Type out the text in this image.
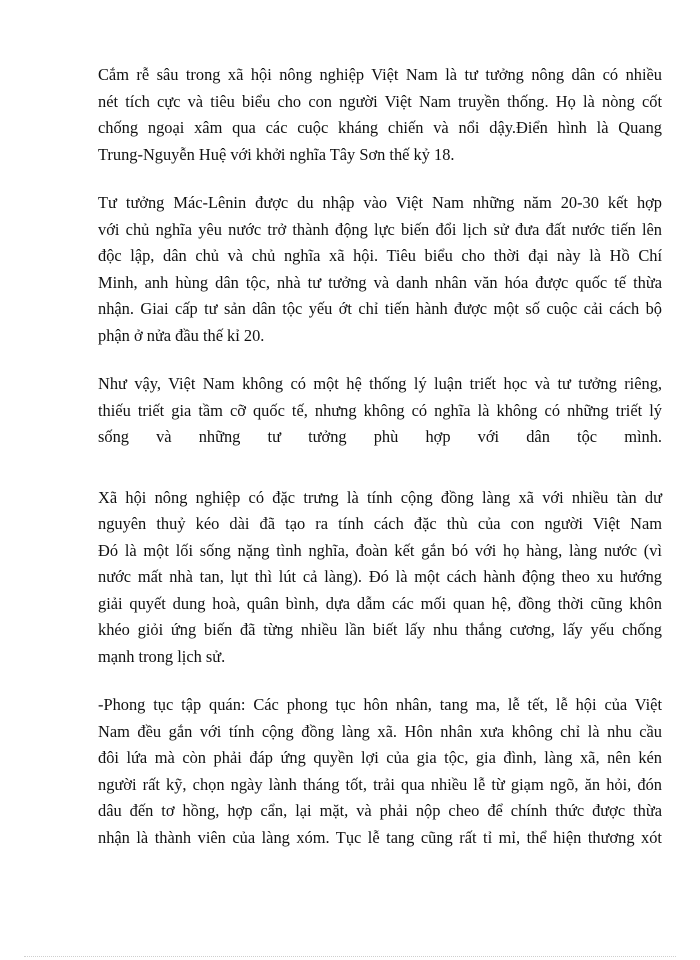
Cắm rễ sâu trong xã hội nông nghiệp Việt Nam là tư tưởng nông dân có nhiều
nét tích cực và tiêu biểu cho con người Việt Nam truyền thống. Họ là nòng cốt
chống ngoại xâm qua các cuộc kháng chiến và nổi dậy.Điển hình là Quang
Trung-Nguyễn Huệ với khởi nghĩa Tây Sơn thế kỷ 18.
Tư tưởng Mác-Lênin được du nhập vào Việt Nam những năm 20-30 kết hợp
với chủ nghĩa yêu nước trở thành động lực biến đổi lịch sử đưa đất nước tiến lên
độc lập, dân chủ và chủ nghĩa xã hội. Tiêu biểu cho thời đại này là Hồ Chí
Minh, anh hùng dân tộc, nhà tư tưởng và danh nhân văn hóa được quốc tế thừa
nhận. Giai cấp tư sản dân tộc yếu ớt chỉ tiến hành được một số cuộc cải cách bộ
phận ở nửa đầu thế kỉ 20.
Như vậy, Việt Nam không có một hệ thống lý luận triết học và tư tưởng riêng,
thiếu triết gia tầm cỡ quốc tế, nhưng không có nghĩa là không có những triết lý
sống và những tư tưởng phù hợp với dân tộc mình.
Xã hội nông nghiệp có đặc trưng là tính cộng đồng làng xã với nhiều tàn dư
nguyên thuỷ kéo dài đã tạo ra tính cách đặc thù của con người Việt Nam
Đó là một lối sống nặng tình nghĩa, đoàn kết gắn bó với họ hàng, làng nước (vì
nước mất nhà tan, lụt thì lút cả làng). Đó là một cách hành động theo xu hướng
giải quyết dung hoà, quân bình, dựa dẫm các mối quan hệ, đồng thời cũng khôn
khéo giỏi ứng biến đã từng nhiều lần biết lấy nhu thắng cương, lấy yếu chống
mạnh trong lịch sử.
-Phong tục tập quán: Các phong tục hôn nhân, tang ma, lễ tết, lễ hội của Việt
Nam đều gắn với tính cộng đồng làng xã. Hôn nhân xưa không chỉ là nhu cầu
đôi lứa mà còn phải đáp ứng quyền lợi của gia tộc, gia đình, làng xã, nên kén
người rất kỹ, chọn ngày lành tháng tốt, trải qua nhiều lễ từ giạm ngõ, ăn hỏi, đón
dâu đến tơ hồng, hợp cẩn, lại mặt, và phải nộp cheo để chính thức được thừa
nhận là thành viên của làng xóm. Tục lễ tang cũng rất tỉ mỉ, thể hiện thương xót
